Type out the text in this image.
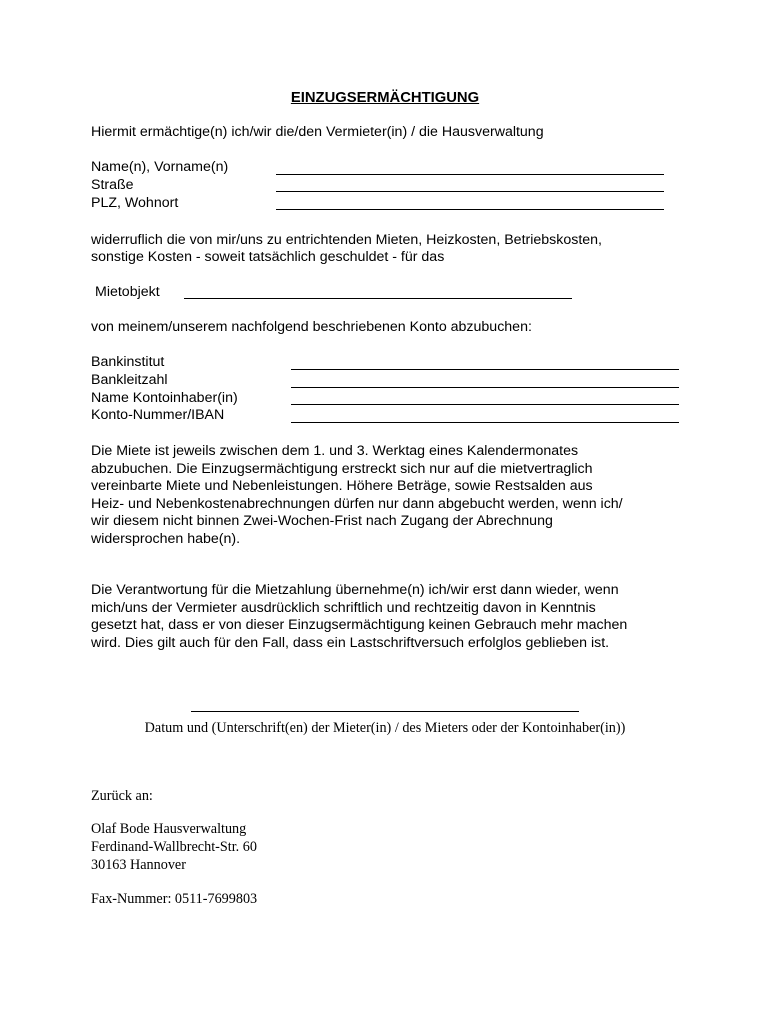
EINZUGSERMÄCHTIGUNG
Hiermit ermächtige(n) ich/wir die/den Vermieter(in) / die Hausverwaltung
Name(n), Vorname(n)
Straße
PLZ, Wohnort
widerruflich die von mir/uns zu entrichtenden Mieten, Heizkosten, Betriebskosten,
sonstige Kosten - soweit tatsächlich geschuldet - für das
Mietobjekt
von meinem/unserem nachfolgend beschriebenen Konto abzubuchen:
Bankinstitut
Bankleitzahl
Name Kontoinhaber(in)
Konto-Nummer/IBAN
Die Miete ist jeweils zwischen dem 1. und 3. Werktag eines Kalendermonates
abzubuchen. Die Einzugsermächtigung erstreckt sich nur auf die mietvertraglich
vereinbarte Miete und Nebenleistungen. Höhere Beträge, sowie Restsalden aus
Heiz- und Nebenkostenabrechnungen dürfen nur dann abgebucht werden, wenn ich/
wir diesem nicht binnen Zwei-Wochen-Frist nach Zugang der Abrechnung
widersprochen habe(n).
Die Verantwortung für die Mietzahlung übernehme(n) ich/wir erst dann wieder, wenn
mich/uns der Vermieter ausdrücklich schriftlich und rechtzeitig davon in Kenntnis
gesetzt hat, dass er von dieser Einzugsermächtigung keinen Gebrauch mehr machen
wird. Dies gilt auch für den Fall, dass ein Lastschriftversuch erfolglos geblieben ist.
Datum und (Unterschrift(en) der Mieter(in) / des Mieters oder der Kontoinhaber(in))
Zurück an:
Olaf Bode Hausverwaltung
Ferdinand-Wallbrecht-Str. 60
30163 Hannover
Fax-Nummer: 0511-7699803
